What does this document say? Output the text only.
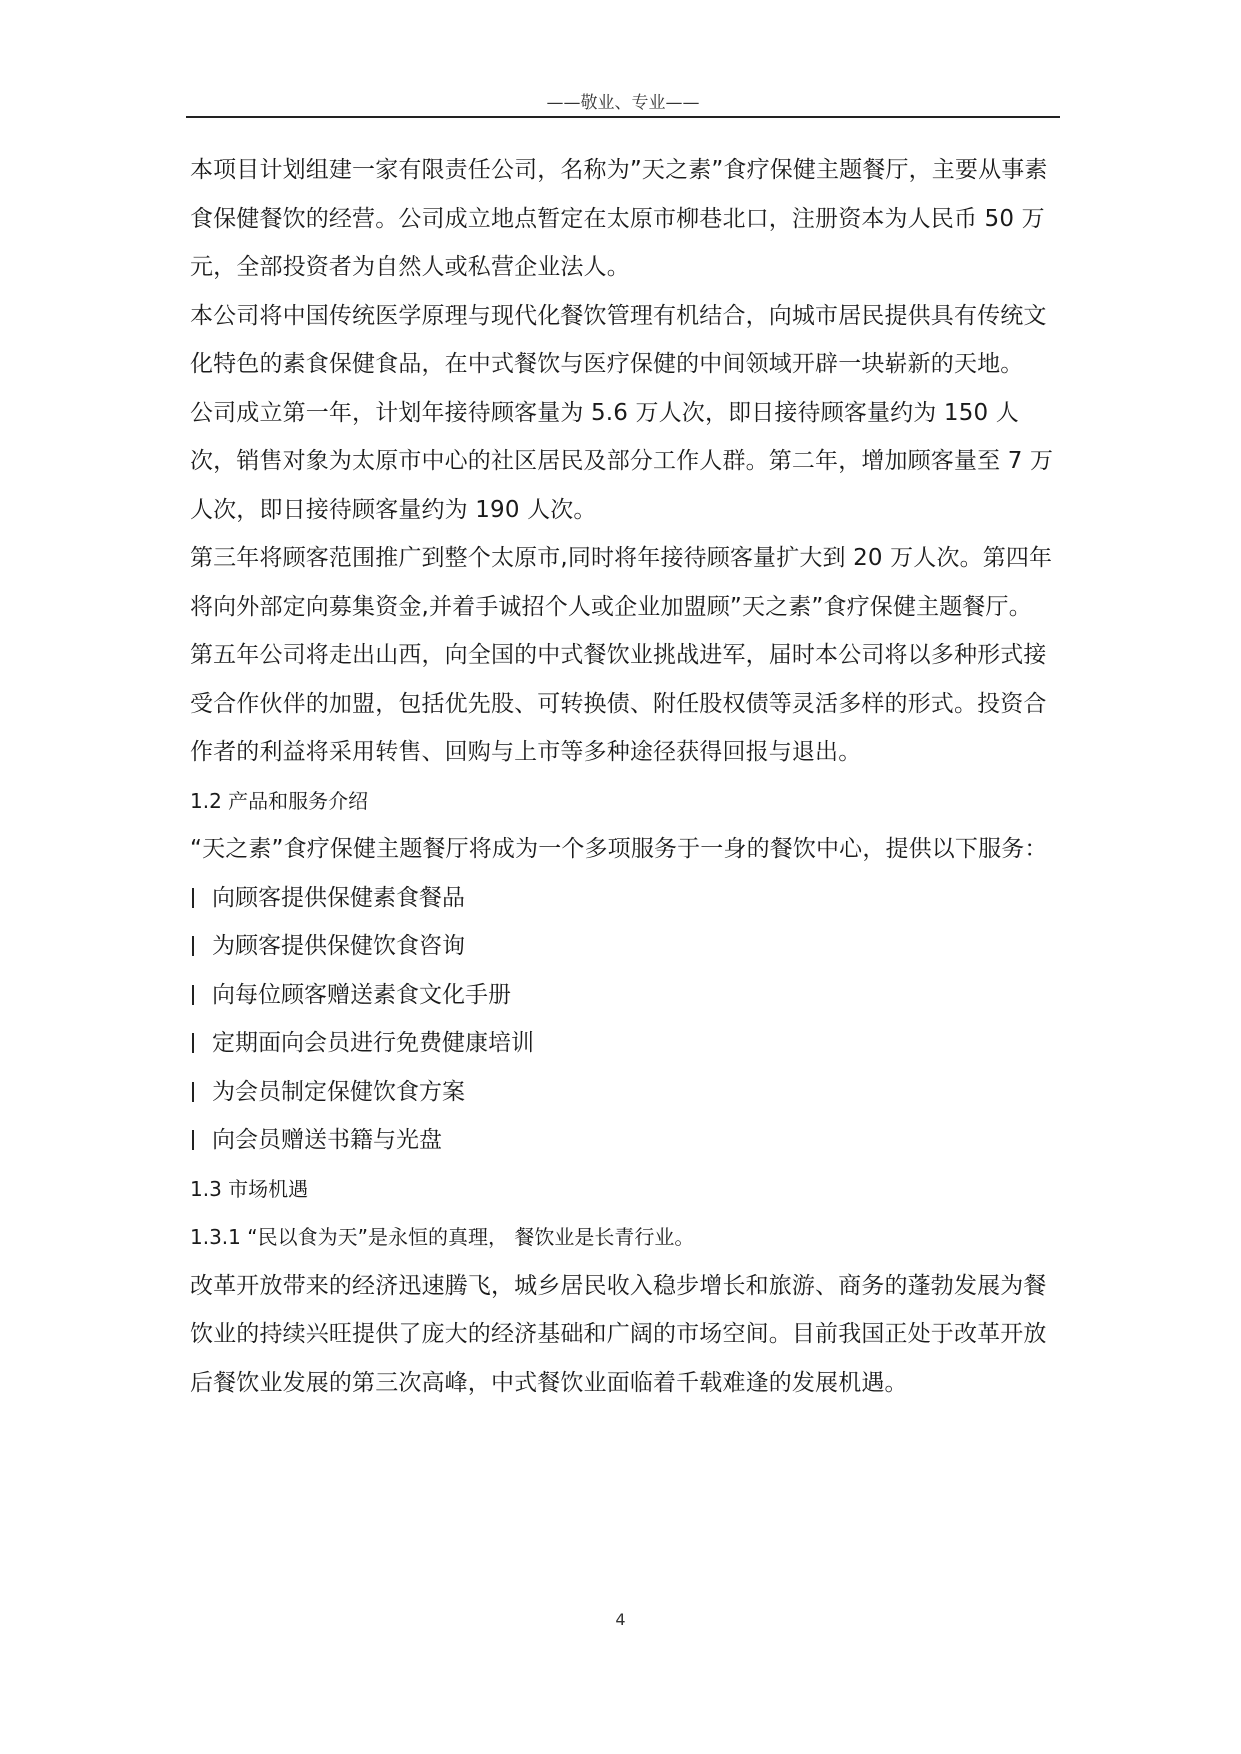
——敬业、专业——

本项目计划组建一家有限责任公司，名称为”天之素”食疗保健主题餐厅，主要从事素食保健餐饮的经营。公司成立地点暂定在太原市柳巷北口，注册资本为人民币 50 万元，全部投资者为自然人或私营企业法人。

本公司将中国传统医学原理与现代化餐饮管理有机结合，向城市居民提供具有传统文化特色的素食保健食品，在中式餐饮与医疗保健的中间领域开辟一块崭新的天地。

公司成立第一年，计划年接待顾客量为 5.6 万人次，即日接待顾客量约为 150 人次，销售对象为太原市中心的社区居民及部分工作人群。第二年，增加顾客量至 7 万人次，即日接待顾客量约为 190 人次。

第三年将顾客范围推广到整个太原市,同时将年接待顾客量扩大到 20 万人次。第四年将向外部定向募集资金,并着手诚招个人或企业加盟顾”天之素”食疗保健主题餐厅。

第五年公司将走出山西，向全国的中式餐饮业挑战进军，届时本公司将以多种形式接受合作伙伴的加盟，包括优先股、可转换债、附任股权债等灵活多样的形式。投资合作者的利益将采用转售、回购与上市等多种途径获得回报与退出。

1.2 产品和服务介绍

“天之素”食疗保健主题餐厅将成为一个多项服务于一身的餐饮中心，提供以下服务：

向顾客提供保健素食餐品

为顾客提供保健饮食咨询

向每位顾客赠送素食文化手册

定期面向会员进行免费健康培训

为会员制定保健饮食方案

向会员赠送书籍与光盘

1.3 市场机遇

1.3.1 “民以食为天”是永恒的真理， 餐饮业是长青行业。

改革开放带来的经济迅速腾飞，城乡居民收入稳步增长和旅游、商务的蓬勃发展为餐饮业的持续兴旺提供了庞大的经济基础和广阔的市场空间。目前我国正处于改革开放后餐饮业发展的第三次高峰，中式餐饮业面临着千载难逢的发展机遇。

4
